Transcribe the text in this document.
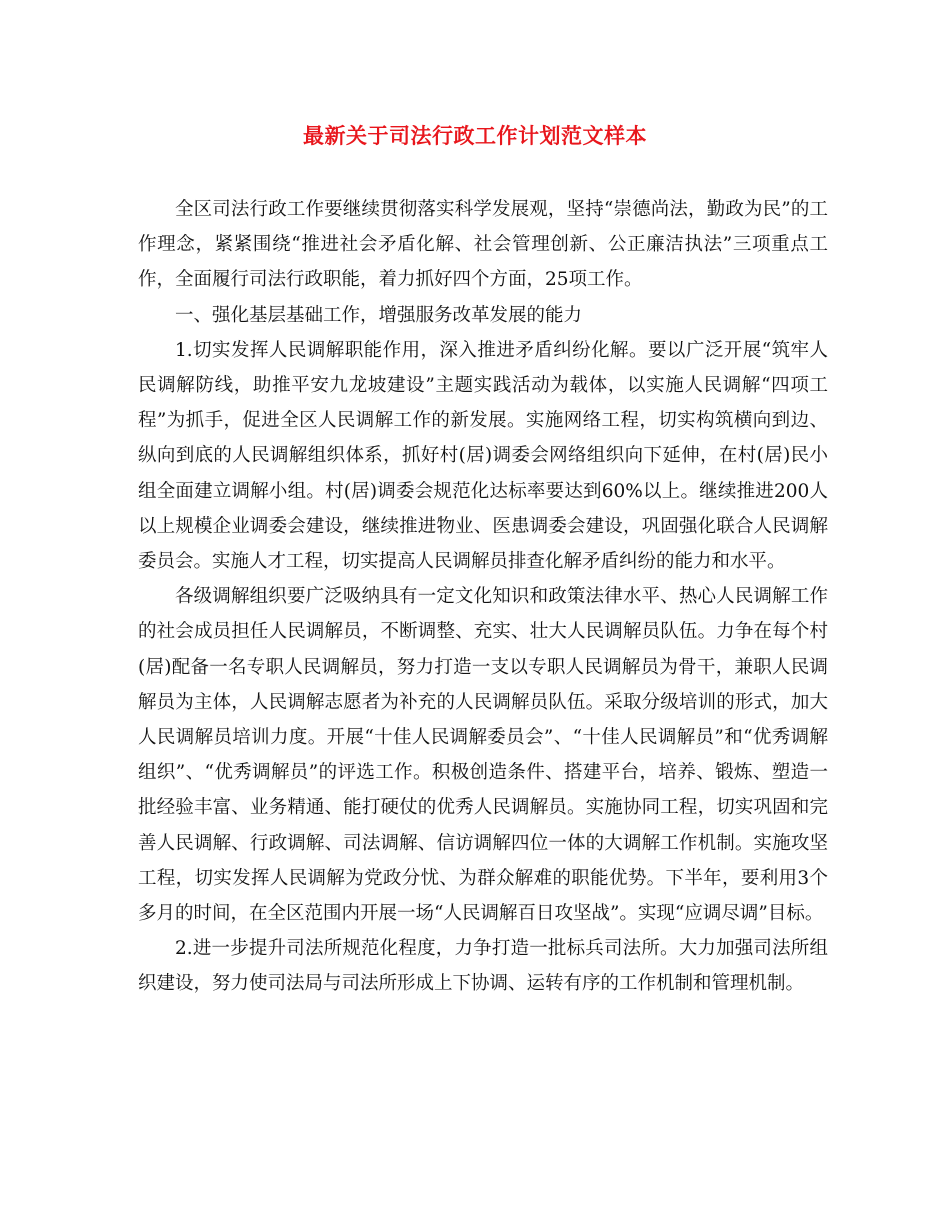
最新关于司法行政工作计划范文样本

全区司法行政工作要继续贯彻落实科学发展观，坚持“崇德尚法，勤政为民”的工作理念，紧紧围绕“推进社会矛盾化解、社会管理创新、公正廉洁执法”三项重点工作，全面履行司法行政职能，着力抓好四个方面，25项工作。

一、强化基层基础工作，增强服务改革发展的能力

1.切实发挥人民调解职能作用，深入推进矛盾纠纷化解。要以广泛开展“筑牢人民调解防线，助推平安九龙坡建设”主题实践活动为载体，以实施人民调解“四项工程”为抓手，促进全区人民调解工作的新发展。实施网络工程，切实构筑横向到边、纵向到底的人民调解组织体系，抓好村(居)调委会网络组织向下延伸，在村(居)民小组全面建立调解小组。村(居)调委会规范化达标率要达到60%以上。继续推进200人以上规模企业调委会建设，继续推进物业、医患调委会建设，巩固强化联合人民调解委员会。实施人才工程，切实提高人民调解员排查化解矛盾纠纷的能力和水平。

各级调解组织要广泛吸纳具有一定文化知识和政策法律水平、热心人民调解工作的社会成员担任人民调解员，不断调整、充实、壮大人民调解员队伍。力争在每个村(居)配备一名专职人民调解员，努力打造一支以专职人民调解员为骨干，兼职人民调解员为主体，人民调解志愿者为补充的人民调解员队伍。采取分级培训的形式，加大人民调解员培训力度。开展“十佳人民调解委员会”、“十佳人民调解员”和“优秀调解组织”、“优秀调解员”的评选工作。积极创造条件、搭建平台，培养、锻炼、塑造一批经验丰富、业务精通、能打硬仗的优秀人民调解员。实施协同工程，切实巩固和完善人民调解、行政调解、司法调解、信访调解四位一体的大调解工作机制。实施攻坚工程，切实发挥人民调解为党政分忧、为群众解难的职能优势。下半年，要利用3个多月的时间，在全区范围内开展一场“人民调解百日攻坚战”。实现“应调尽调”目标。

2.进一步提升司法所规范化程度，力争打造一批标兵司法所。大力加强司法所组织建设，努力使司法局与司法所形成上下协调、运转有序的工作机制和管理机制。
